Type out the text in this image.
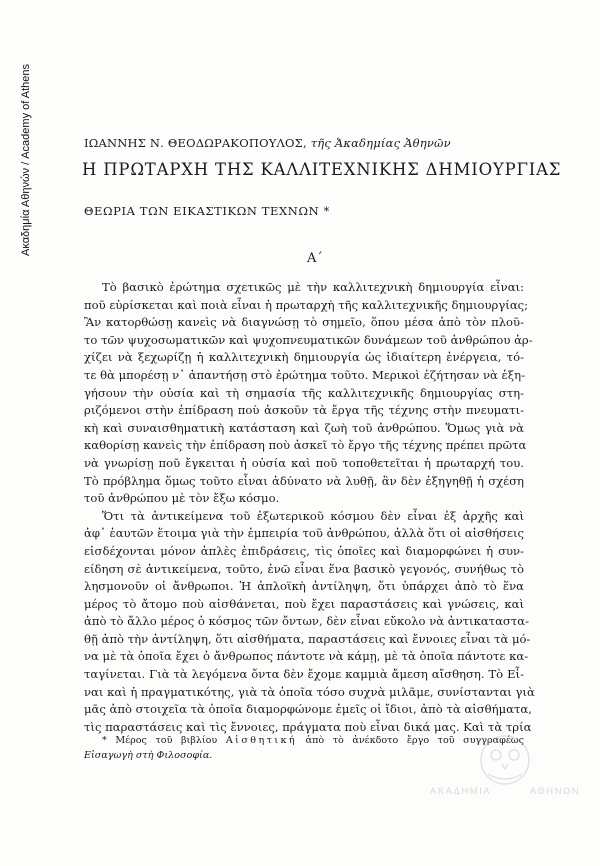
Ακαδημία Αθηνών / Academy of Athens	ΙΩΑΝΝΗΣ Ν. ΘΕΟΔΩΡΑΚΟΠΟΥΛΟΣ, τῆς Ἀκαδημίας Ἀθηνῶν
Η ΠΡΩΤΑΡΧΗ ΤΗΣ ΚΑΛΛΙΤΕΧΝΙΚΗΣ ΔΗΜΙΟΥΡΓΙΑΣ
ΘΕΩΡΙΑ ΤΩΝ ΕΙΚΑΣΤΙΚΩΝ ΤΕΧΝΩΝ *
Α΄
Τὸ βασικὸ ἐρώτημα σχετικῶς μὲ τὴν καλλιτεχνικὴ δημιουργία εἶναι:
ποῦ εὑρίσκεται καὶ ποιὰ εἶναι ἡ πρωταρχὴ τῆς καλλιτεχνικῆς δημιουργίας;
Ἂν κατορθώσῃ κανεὶς νὰ διαγνώσῃ τὸ σημεῖο, ὅπου μέσα ἀπὸ τὸν πλοῦ-
το τῶν ψυχοσωματικῶν καὶ ψυχοπνευματικῶν δυνάμεων τοῦ ἀνθρώπου ἀρ-
χίζει νὰ ξεχωρίζῃ ἡ καλλιτεχνικὴ δημιουργία ὡς ἰδιαίτερη ἐνέργεια, τό-
τε θὰ μπορέσῃ ν᾽ ἀπαντήσῃ στὸ ἐρώτημα τοῦτο. Μερικοὶ ἐζήτησαν νὰ ἐξη-
γήσουν τὴν οὐσία καὶ τὴ σημασία τῆς καλλιτεχνικῆς δημιουργίας στη-
ριζόμενοι στὴν ἐπίδραση ποὺ ἀσκοῦν τὰ ἔργα τῆς τέχνης στὴν πνευματι-
κὴ καὶ συναισθηματικὴ κατάσταση καὶ ζωὴ τοῦ ἀνθρώπου. Ὅμως γιὰ νὰ
καθορίσῃ κανεὶς τὴν ἐπίδραση ποὺ ἀσκεῖ τὸ ἔργο τῆς τέχνης πρέπει πρῶτα
νὰ γνωρίσῃ ποῦ ἔγκειται ἡ οὐσία καὶ ποῦ τοποθετεῖται ἡ πρωταρχή του.
Τὸ πρόβλημα ὅμως τοῦτο εἶναι ἀδύνατο νὰ λυθῇ, ἂν δὲν ἐξηγηθῇ ἡ σχέση
τοῦ ἀνθρώπου μὲ τὸν ἔξω κόσμο.
Ὅτι τὰ ἀντικείμενα τοῦ ἐξωτερικοῦ κόσμου δὲν εἶναι ἐξ ἀρχῆς καὶ
ἀφ᾽ ἑαυτῶν ἕτοιμα γιὰ τὴν ἐμπειρία τοῦ ἀνθρώπου, ἀλλὰ ὅτι οἱ αἰσθήσεις
εἰσδέχονται μόνον ἁπλὲς ἐπιδράσεις, τὶς ὁποῖες καὶ διαμορφώνει ἡ συν-
είδηση σὲ ἀντικείμενα, τοῦτο, ἐνῶ εἶναι ἕνα βασικὸ γεγονός, συνήθως τὸ
λησμονοῦν οἱ ἄνθρωποι. Ἡ ἁπλοϊκὴ ἀντίληψη, ὅτι ὑπάρχει ἀπὸ τὸ ἕνα
μέρος τὸ ἄτομο ποὺ αἰσθάνεται, ποὺ ἔχει παραστάσεις καὶ γνώσεις, καὶ
ἀπὸ τὸ ἄλλο μέρος ὁ κόσμος τῶν ὄντων, δὲν εἶναι εὔκολο νὰ ἀντικαταστα-
θῇ ἀπὸ τὴν ἀντίληψη, ὅτι αἰσθήματα, παραστάσεις καὶ ἔννοιες εἶναι τὰ μό-
να μὲ τὰ ὁποῖα ἔχει ὁ ἄνθρωπος πάντοτε νὰ κάμῃ, μὲ τὰ ὁποῖα πάντοτε κα-
ταγίνεται. Γιὰ τὰ λεγόμενα ὄντα δὲν ἔχομε καμμιὰ ἄμεση αἴσθηση. Τὸ Εἶ-
ναι καὶ ἡ πραγματικότης, γιὰ τὰ ὁποῖα τόσο συχνὰ μιλᾶμε, συνίστανται γιὰ
μᾶς ἀπὸ στοιχεῖα τὰ ὁποῖα διαμορφώνομε ἐμεῖς οἱ ἴδιοι, ἀπὸ τὰ αἰσθήματα,
τὶς παραστάσεις καὶ τὶς ἔννοιες, πράγματα ποὺ εἶναι δικά μας. Καὶ τὰ τρία
* Μέρος τοῦ βιβλίου Αἰσθητική ἀπὸ τὸ ἀνέκδοτο ἔργο τοῦ συγγραφέως
Εἰσαγωγὴ στὴ Φιλοσοφία.
ΑΚΑΔΗΜΙΑ	ΑΘΗΝΩΝ
